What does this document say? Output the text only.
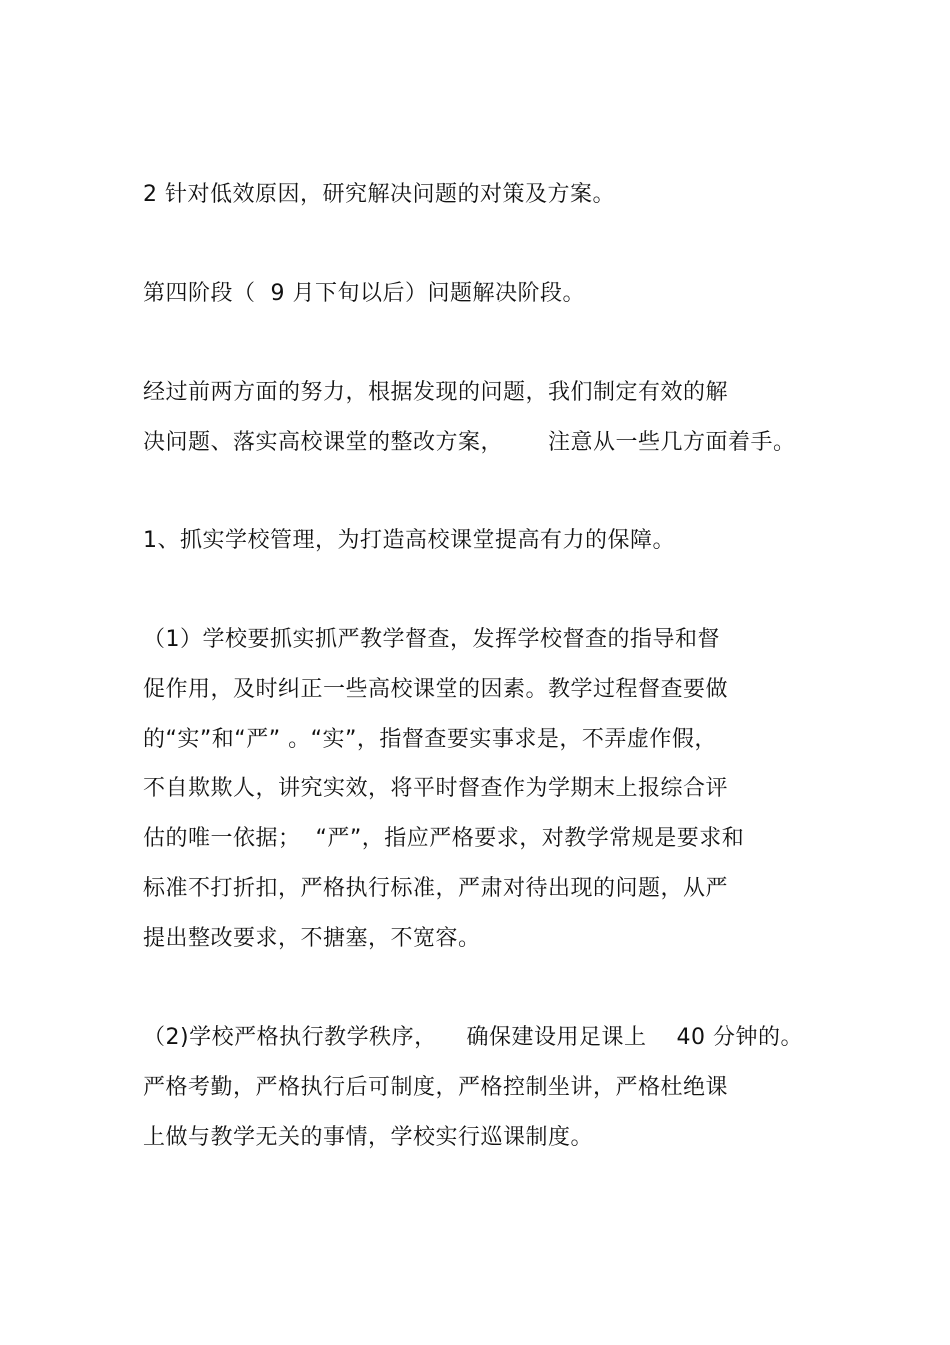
2 针对低效原因，研究解决问题的对策及方案。
第四阶段（  9 月下旬以后）问题解决阶段。
经过前两方面的努力，根据发现的问题，我们制定有效的解
决问题、落实高校课堂的整改方案，      注意从一些几方面着手。
1、抓实学校管理，为打造高校课堂提高有力的保障。
（1）学校要抓实抓严教学督查，发挥学校督查的指导和督
促作用，及时纠正一些高校课堂的因素。教学过程督查要做
的“实”和“严” 。“实”，指督查要实事求是，不弄虚作假，
不自欺欺人，讲究实效，将平时督查作为学期末上报综合评
估的唯一依据；  “严”，指应严格要求，对教学常规是要求和
标准不打折扣，严格执行标准，严肃对待出现的问题，从严
提出整改要求，不搪塞，不宽容。
（2)学校严格执行教学秩序，    确保建设用足课上    40 分钟的。
严格考勤，严格执行后可制度，严格控制坐讲，严格杜绝课
上做与教学无关的事情，学校实行巡课制度。
